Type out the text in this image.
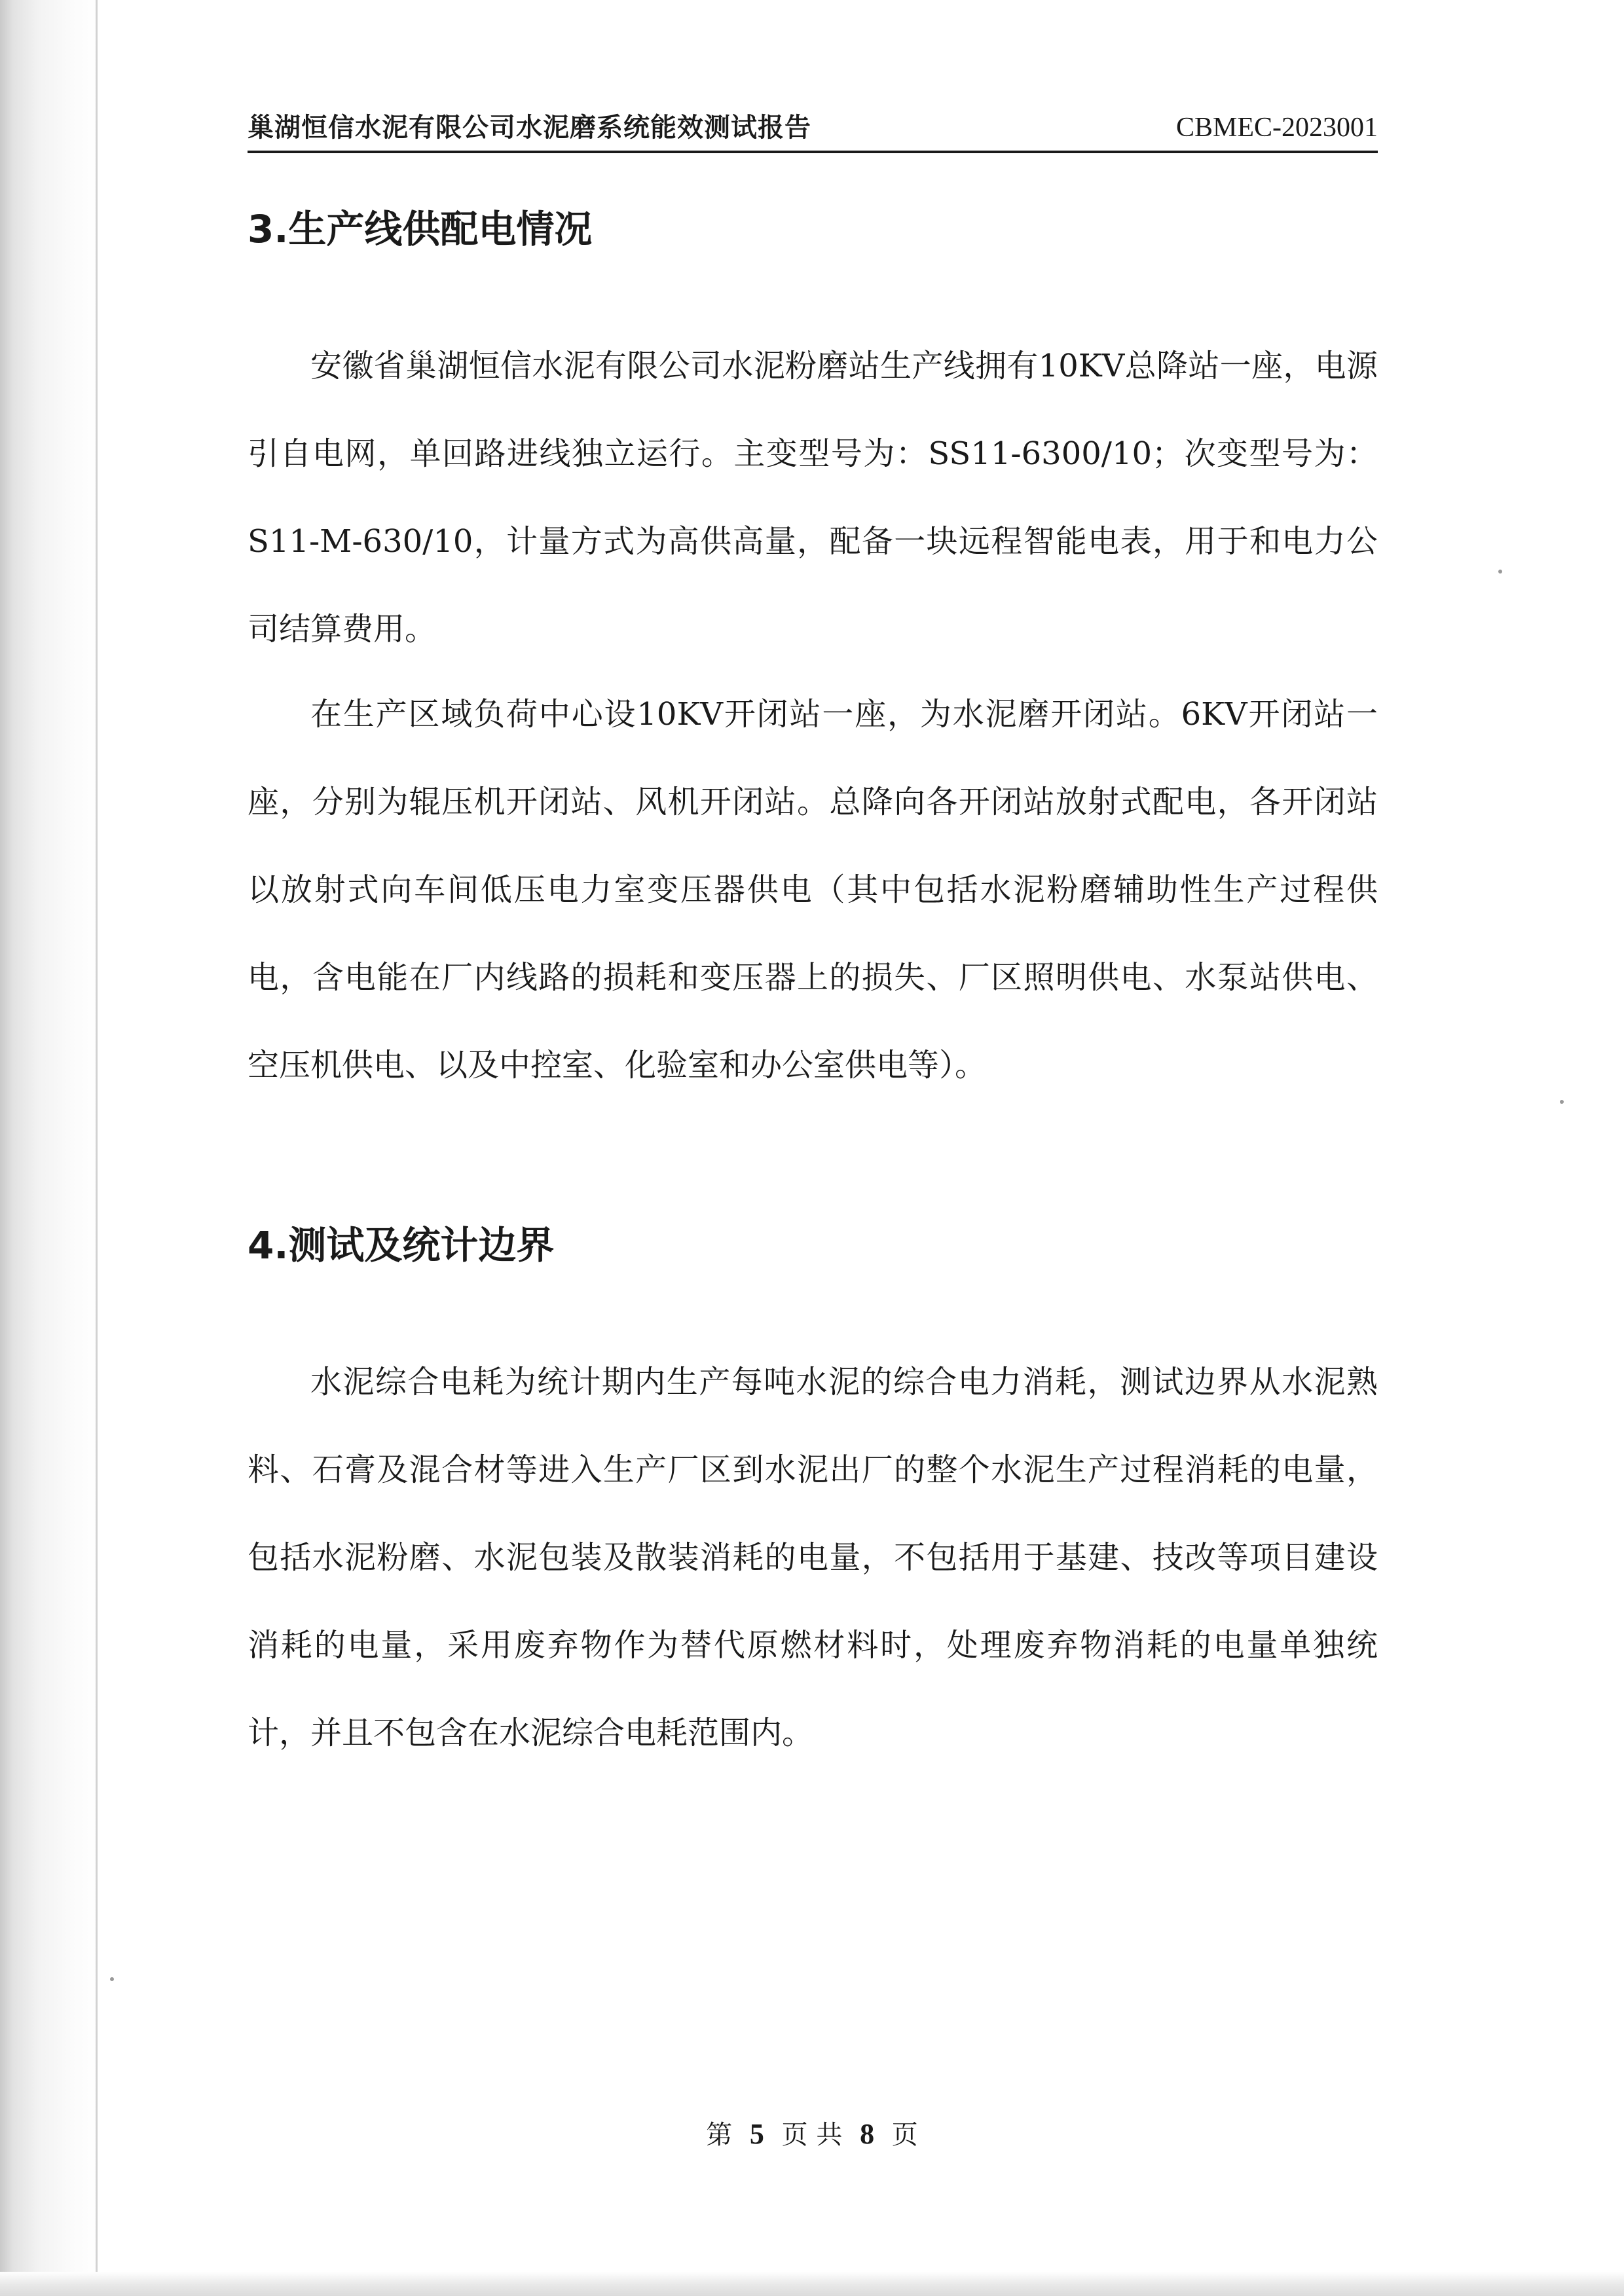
巢湖恒信水泥有限公司水泥磨系统能效测试报告	CBMEC-2023001
3.生产线供配电情况

安徽省巢湖恒信水泥有限公司水泥粉磨站生产线拥有10KV总降站一座，电源引自电网，单回路进线独立运行。主变型号为：SS11-6300/10；次变型号为：S11-M-630/10，计量方式为高供高量，配备一块远程智能电表，用于和电力公司结算费用。

在生产区域负荷中心设10KV开闭站一座，为水泥磨开闭站。6KV开闭站一座，分别为辊压机开闭站、风机开闭站。总降向各开闭站放射式配电，各开闭站以放射式向车间低压电力室变压器供电（其中包括水泥粉磨辅助性生产过程供电，含电能在厂内线路的损耗和变压器上的损失、厂区照明供电、水泵站供电、空压机供电、以及中控室、化验室和办公室供电等）。

4.测试及统计边界

水泥综合电耗为统计期内生产每吨水泥的综合电力消耗，测试边界从水泥熟料、石膏及混合材等进入生产厂区到水泥出厂的整个水泥生产过程消耗的电量，包括水泥粉磨、水泥包装及散装消耗的电量，不包括用于基建、技改等项目建设消耗的电量，采用废弃物作为替代原燃材料时，处理废弃物消耗的电量单独统计，并且不包含在水泥综合电耗范围内。

第 5 页 共 8 页
